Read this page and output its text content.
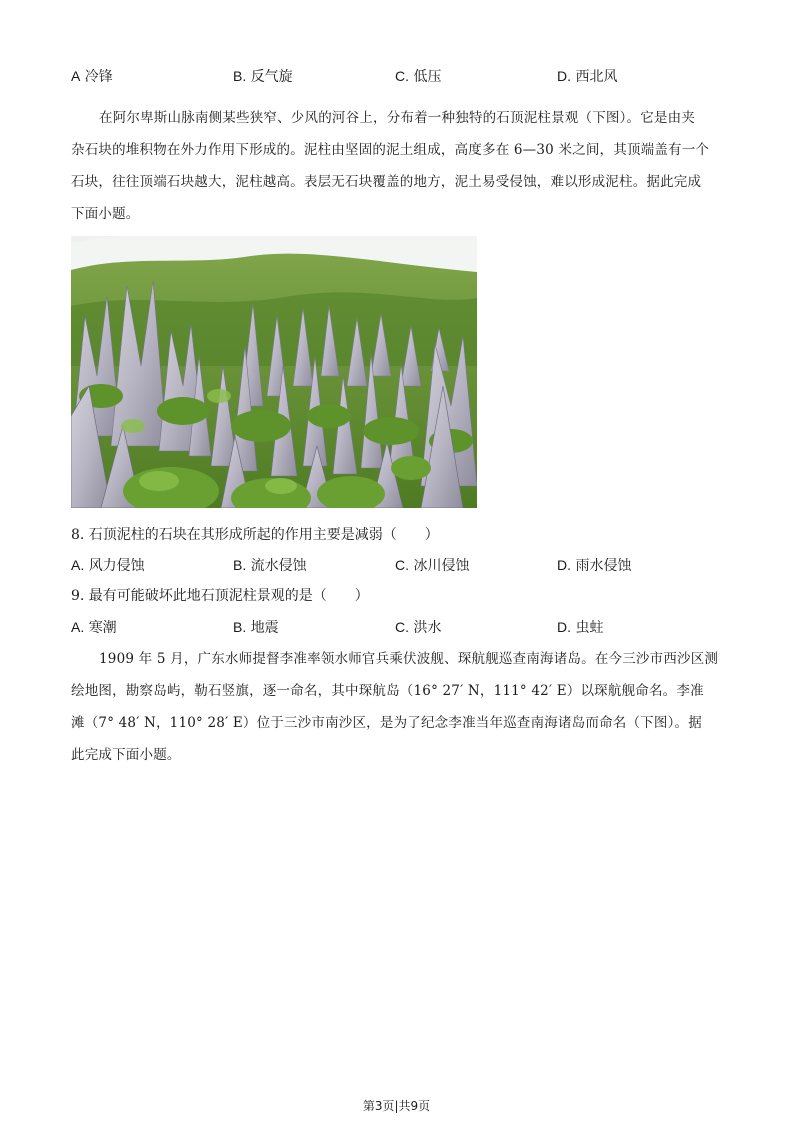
A 冷锋	B. 反气旋	C. 低压	D. 西北风
在阿尔卑斯山脉南侧某些狭窄、少风的河谷上，分布着一种独特的石顶泥柱景观（下图）。它是由夹
杂石块的堆积物在外力作用下形成的。泥柱由坚固的泥土组成，高度多在 6—30 米之间，其顶端盖有一个
石块，往往顶端石块越大，泥柱越高。表层无石块覆盖的地方，泥土易受侵蚀，难以形成泥柱。据此完成
下面小题。
8. 石顶泥柱的石块在其形成所起的作用主要是减弱（　　）
A. 风力侵蚀	B. 流水侵蚀	C. 冰川侵蚀	D. 雨水侵蚀
9. 最有可能破坏此地石顶泥柱景观的是（　　）
A. 寒潮	B. 地震	C. 洪水	D. 虫蛀
1909 年 5 月，广东水师提督李准率领水师官兵乘伏波舰、琛航舰巡查南海诸岛。在今三沙市西沙区测
绘地图，勘察岛屿，勒石竖旗，逐一命名，其中琛航岛（16° 27′ N，111° 42′ E）以琛航舰命名。李准
滩（7° 48′ N，110° 28′ E）位于三沙市南沙区，是为了纪念李准当年巡查南海诸岛而命名（下图）。据
此完成下面小题。
第3页|共9页
